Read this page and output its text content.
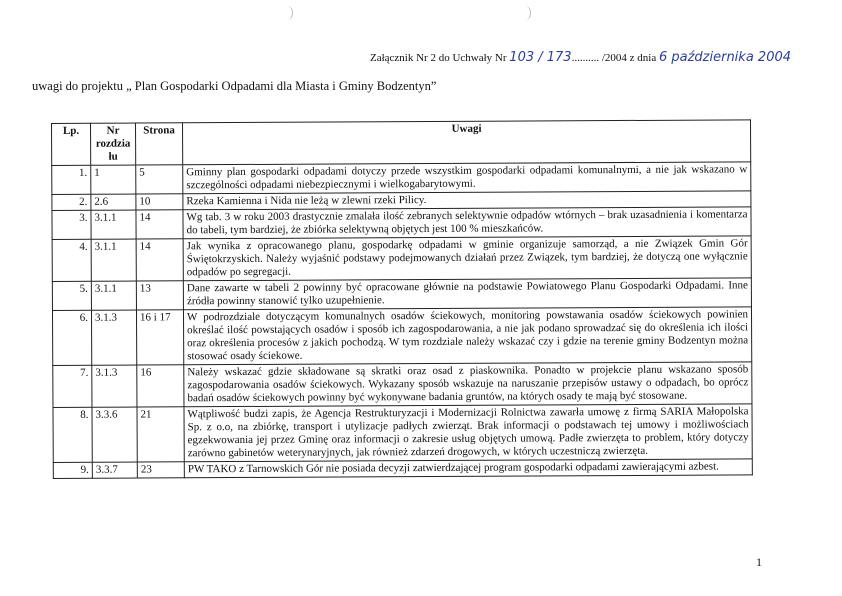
Załącznik Nr 2 do Uchwały Nr 103 / 173.......... /2004 z dnia 6 października 2004
uwagi do projektu „ Plan Gospodarki Odpadami dla Miasta i Gminy Bodzentyn”
Lp.	Nr rozdzia łu	Strona	Uwagi
1.	1	5	Gminny plan gospodarki odpadami dotyczy przede wszystkim gospodarki odpadami komunalnymi, a nie jak wskazano w szczególności odpadami niebezpiecznymi i wielkogabarytowymi.
2.	2.6	10	Rzeka Kamienna i Nida nie leżą w zlewni rzeki Pilicy.
3.	3.1.1	14	Wg tab. 3 w roku 2003 drastycznie zmalała ilość zebranych selektywnie odpadów wtórnych – brak uzasadnienia i komentarza do tabeli, tym bardziej, że zbiórka selektywną objętych jest 100 % mieszkańców.
4.	3.1.1	14	Jak wynika z opracowanego planu, gospodarkę odpadami w gminie organizuje samorząd, a nie Związek Gmin Gór Świętokrzyskich. Należy wyjaśnić podstawy podejmowanych działań przez Związek, tym bardziej, że dotyczą one wyłącznie odpadów po segregacji.
5.	3.1.1	13	Dane zawarte w tabeli 2 powinny być opracowane głównie na podstawie Powiatowego Planu Gospodarki Odpadami. Inne źródła powinny stanowić tylko uzupełnienie.
6.	3.1.3	16 i 17	W podrozdziale dotyczącym komunalnych osadów ściekowych, monitoring powstawania osadów ściekowych powinien określać ilość powstających osadów i sposób ich zagospodarowania, a nie jak podano sprowadzać się do określenia ich ilości oraz określenia procesów z jakich pochodzą. W tym rozdziale należy wskazać czy i gdzie na terenie gminy Bodzentyn można stosować osady ściekowe.
7.	3.1.3	16	Należy wskazać gdzie składowane są skratki oraz osad z piaskownika. Ponadto w projekcie planu wskazano sposób zagospodarowania osadów ściekowych. Wykazany sposób wskazuje na naruszanie przepisów ustawy o odpadach, bo oprócz badań osadów ściekowych powinny być wykonywane badania gruntów, na których osady te mają być stosowane.
8.	3.3.6	21	Wątpliwość budzi zapis, że Agencja Restrukturyzacji i Modernizacji Rolnictwa zawarła umowę z firmą SARIA Małopolska Sp. z o.o, na zbiórkę, transport i utylizacje padłych zwierząt. Brak informacji o podstawach tej umowy i możliwościach egzekwowania jej przez Gminę oraz informacji o zakresie usług objętych umową. Padłe zwierzęta to problem, który dotyczy zarówno gabinetów weterynaryjnych, jak również zdarzeń drogowych, w których uczestniczą zwierzęta.
9.	3.3.7	23	PW TAKO z Tarnowskich Gór nie posiada decyzji zatwierdzającej program gospodarki odpadami zawierającymi azbest.
1
